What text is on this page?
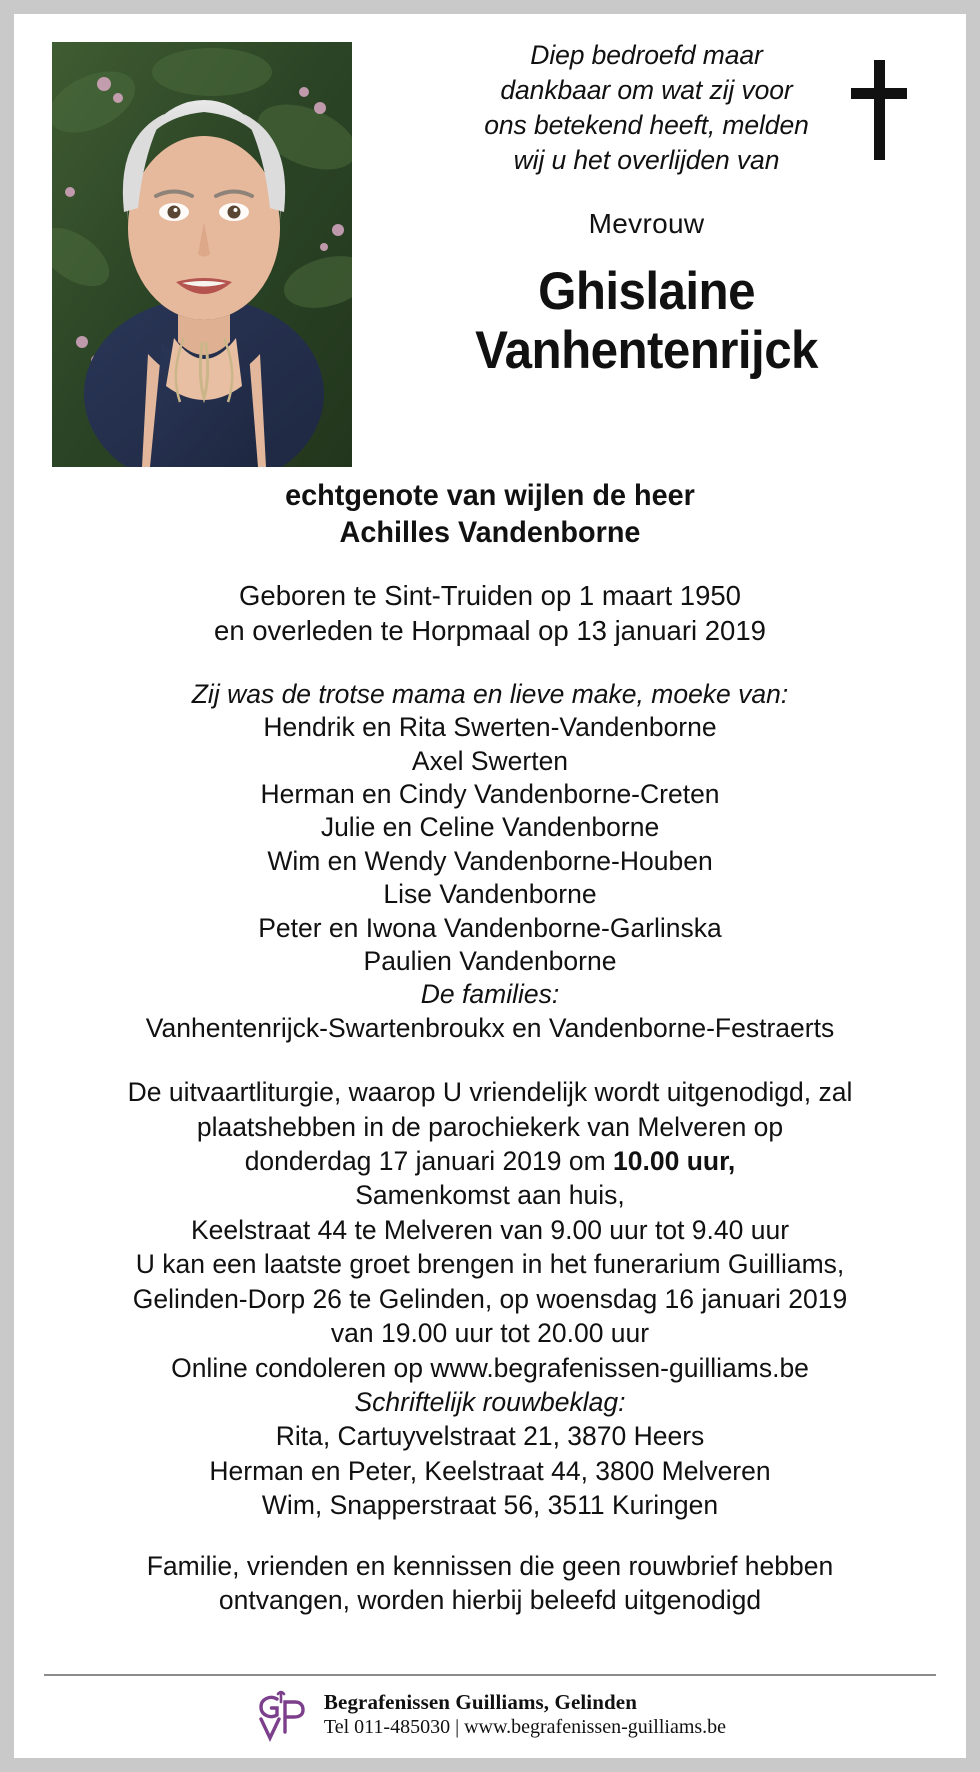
Diep bedroefd maar
dankbaar om wat zij voor
ons betekend heeft, melden
wij u het overlijden van
Mevrouw
Ghislaine
Vanhentenrijck
echtgenote van wijlen de heer
Achilles Vandenborne
Geboren te Sint-Truiden op 1 maart 1950
en overleden te Horpmaal op 13 januari 2019
Zij was de trotse mama en lieve make, moeke van:
Hendrik en Rita Swerten-Vandenborne
Axel Swerten
Herman en Cindy Vandenborne-Creten
Julie en Celine Vandenborne
Wim en Wendy Vandenborne-Houben
Lise Vandenborne
Peter en Iwona Vandenborne-Garlinska
Paulien Vandenborne
De families:
Vanhentenrijck-Swartenbroukx en Vandenborne-Festraerts
De uitvaartliturgie, waarop U vriendelijk wordt uitgenodigd, zal
plaatshebben in de parochiekerk van Melveren op
donderdag 17 januari 2019 om 10.00 uur,
Samenkomst aan huis,
Keelstraat 44 te Melveren van 9.00 uur tot 9.40 uur
U kan een laatste groet brengen in het funerarium Guilliams,
Gelinden-Dorp 26 te Gelinden, op woensdag 16 januari 2019
van 19.00 uur tot 20.00 uur
Online condoleren op www.begrafenissen-guilliams.be
Schriftelijk rouwbeklag:
Rita, Cartuyvelstraat 21, 3870 Heers
Herman en Peter, Keelstraat 44, 3800 Melveren
Wim, Snapperstraat 56, 3511 Kuringen
Familie, vrienden en kennissen die geen rouwbrief hebben
ontvangen, worden hierbij beleefd uitgenodigd
Begrafenissen Guilliams, Gelinden
Tel 011-485030 | www.begrafenissen-guilliams.be
